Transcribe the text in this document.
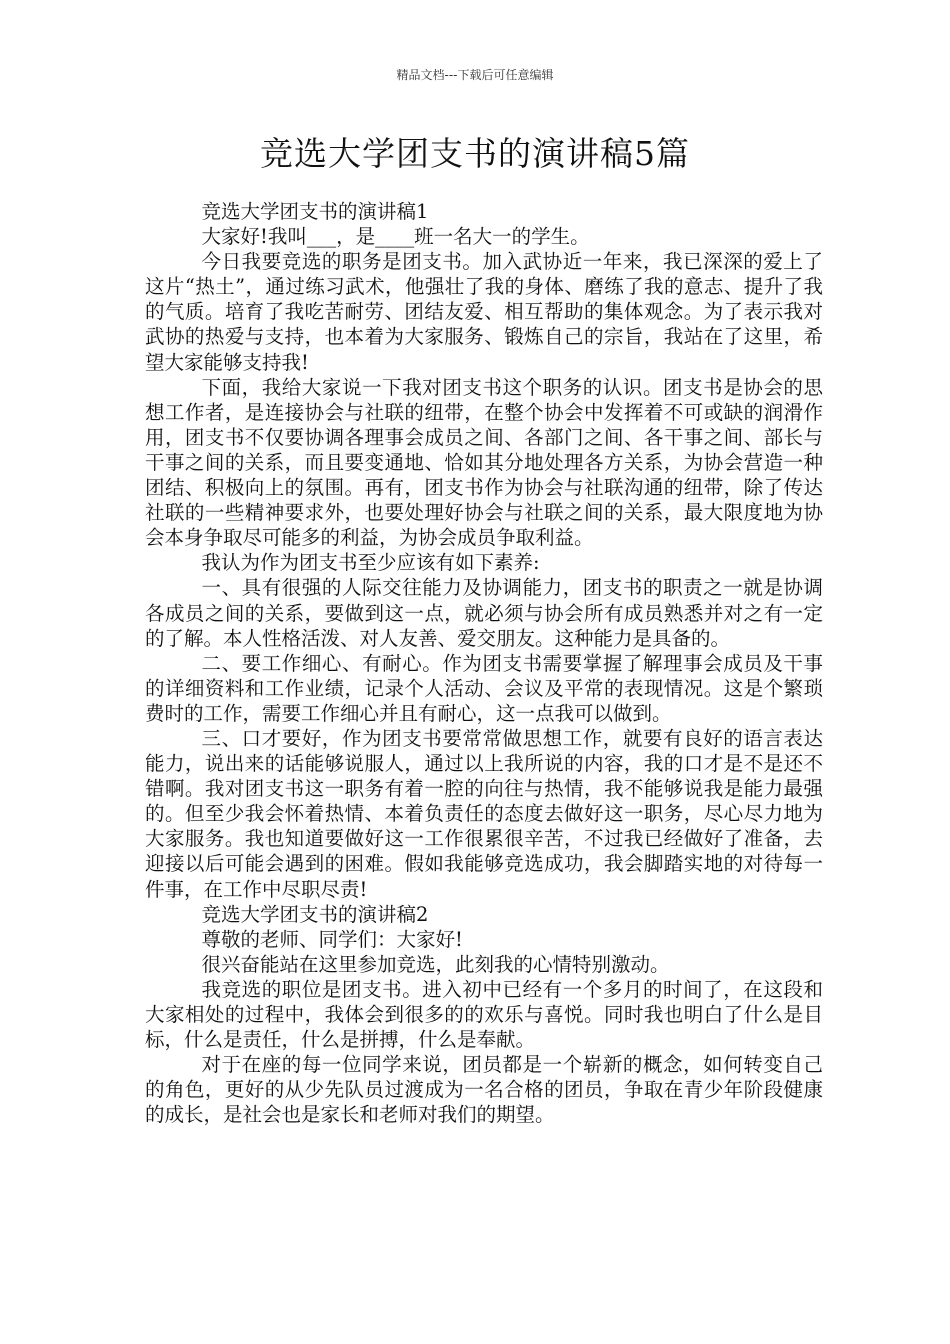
精品文档---下载后可任意编辑
竞选大学团支书的演讲稿5篇

竞选大学团支书的演讲稿1

大家好!我叫___，是____班一名大一的学生。

今日我要竞选的职务是团支书。加入武协近一年来，我已深深的爱上了这片“热土”，通过练习武术，他强壮了我的身体、磨练了我的意志、提升了我的气质。培育了我吃苦耐劳、团结友爱、相互帮助的集体观念。为了表示我对武协的热爱与支持，也本着为大家服务、锻炼自己的宗旨，我站在了这里，希望大家能够支持我!

下面，我给大家说一下我对团支书这个职务的认识。团支书是协会的思想工作者，是连接协会与社联的纽带，在整个协会中发挥着不可或缺的润滑作用，团支书不仅要协调各理事会成员之间、各部门之间、各干事之间、部长与干事之间的关系，而且要变通地、恰如其分地处理各方关系，为协会营造一种团结、积极向上的氛围。再有，团支书作为协会与社联沟通的纽带，除了传达社联的一些精神要求外，也要处理好协会与社联之间的关系，最大限度地为协会本身争取尽可能多的利益，为协会成员争取利益。

我认为作为团支书至少应该有如下素养:

一、具有很强的人际交往能力及协调能力，团支书的职责之一就是协调各成员之间的关系，要做到这一点，就必须与协会所有成员熟悉并对之有一定的了解。本人性格活泼、对人友善、爱交朋友。这种能力是具备的。

二、要工作细心、有耐心。作为团支书需要掌握了解理事会成员及干事的详细资料和工作业绩，记录个人活动、会议及平常的表现情况。这是个繁琐费时的工作，需要工作细心并且有耐心，这一点我可以做到。

三、口才要好，作为团支书要常常做思想工作，就要有良好的语言表达能力，说出来的话能够说服人，通过以上我所说的内容，我的口才是不是还不错啊。我对团支书这一职务有着一腔的向往与热情，我不能够说我是能力最强的。但至少我会怀着热情、本着负责任的态度去做好这一职务，尽心尽力地为大家服务。我也知道要做好这一工作很累很辛苦，不过我已经做好了准备，去迎接以后可能会遇到的困难。假如我能够竞选成功，我会脚踏实地的对待每一件事，在工作中尽职尽责!

竞选大学团支书的演讲稿2

尊敬的老师、同学们：大家好!

很兴奋能站在这里参加竞选，此刻我的心情特别激动。

我竞选的职位是团支书。进入初中已经有一个多月的时间了，在这段和大家相处的过程中，我体会到很多的的欢乐与喜悦。同时我也明白了什么是目标，什么是责任，什么是拼搏，什么是奉献。

对于在座的每一位同学来说，团员都是一个崭新的概念，如何转变自己的角色，更好的从少先队员过渡成为一名合格的团员，争取在青少年阶段健康的成长，是社会也是家长和老师对我们的期望。
